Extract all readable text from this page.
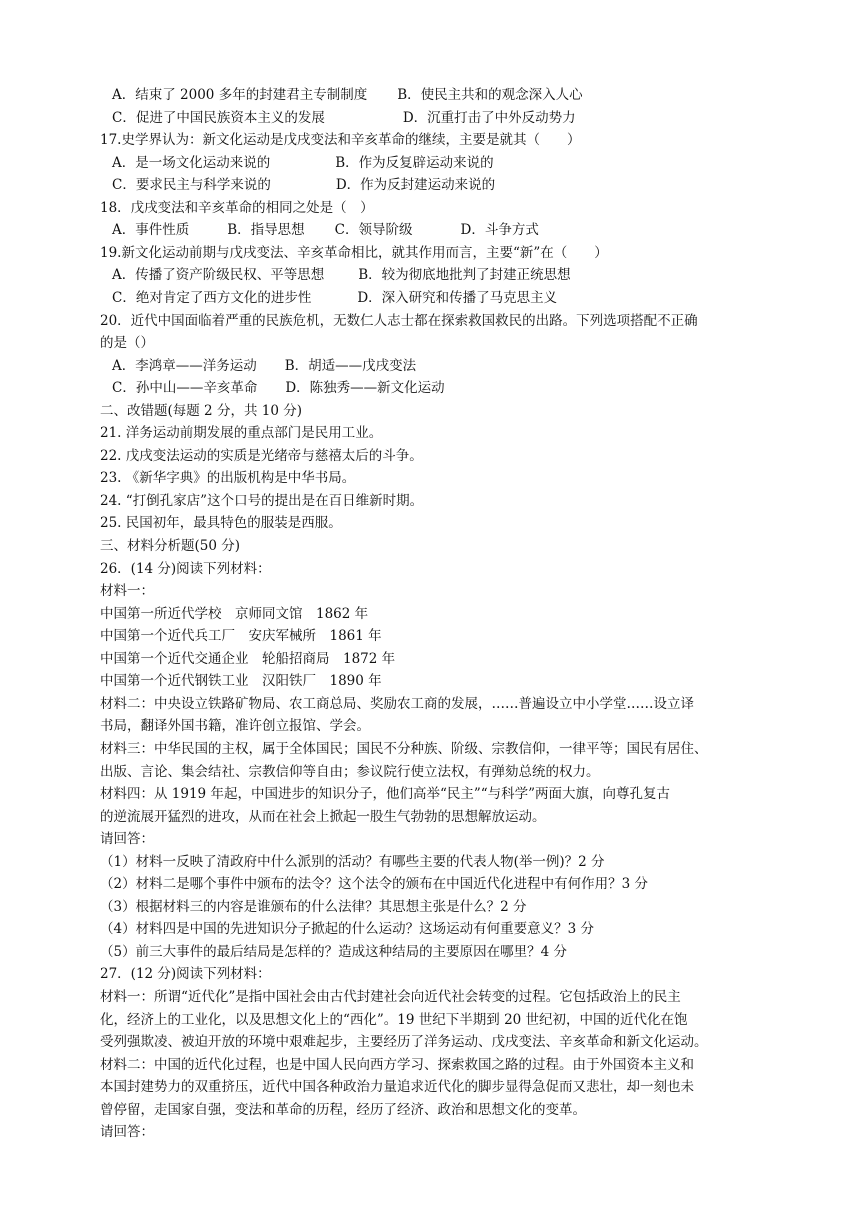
A．结束了 2000 多年的封建君主专制制度 B．使民主共和的观念深入人心
C．促进了中国民族资本主义的发展	D．沉重打击了中外反动势力
17.史学界认为：新文化运动是戊戌变法和辛亥革命的继续，主要是就其（　　）
A．是一场文化运动来说的	B．作为反复辟运动来说的
C．要求民主与科学来说的	D．作为反封建运动来说的
18．戊戌变法和辛亥革命的相同之处是（　）
A．事件性质	B．指导思想 C．领导阶级	D．斗争方式
19.新文化运动前期与戊戌变法、辛亥革命相比，就其作用而言，主要“新”在（　　）
A．传播了资产阶级民权、平等思想	B．较为彻底地批判了封建正统思想
C．绝对肯定了西方文化的进步性	D．深入研究和传播了马克思主义
20．近代中国面临着严重的民族危机，无数仁人志士都在探索救国救民的出路。下列选项搭配不正确
的是（）
A．李鸿章——洋务运动 B．胡适——戊戌变法
C．孙中山——辛亥革命 D．陈独秀——新文化运动
二、改错题(每题 2 分，共 10 分)
21. 洋务运动前期发展的重点部门是民用工业。
22. 戊戌变法运动的实质是光绪帝与慈禧太后的斗争。
23. 《新华字典》的出版机构是中华书局。
24. “打倒孔家店”这个口号的提出是在百日维新时期。
25. 民国初年，最具特色的服装是西服。
三、材料分析题(50 分)
26．(14 分)阅读下列材料：
材料一：
中国第一所近代学校　京师同文馆　1862 年
中国第一个近代兵工厂　安庆军械所　1861 年
中国第一个近代交通企业　轮船招商局　1872 年
中国第一个近代钢铁工业　汉阳铁厂　1890 年
材料二：中央设立铁路矿物局、农工商总局、奖励农工商的发展，……普遍设立中小学堂……设立译
书局，翻译外国书籍，准许创立报馆、学会。
材料三：中华民国的主权，属于全体国民；国民不分种族、阶级、宗教信仰，一律平等；国民有居住、
出版、言论、集会结社、宗教信仰等自由；参议院行使立法权，有弹劾总统的权力。
材料四：从 1919 年起，中国进步的知识分子，他们高举“民主”“与科学”两面大旗，向尊孔复古
的逆流展开猛烈的进攻，从而在社会上掀起一股生气勃勃的思想解放运动。
请回答：
（1）材料一反映了清政府中什么派别的活动？有哪些主要的代表人物(举一例)？2 分
（2）材料二是哪个事件中颁布的法令？这个法令的颁布在中国近代化进程中有何作用？3 分
（3）根据材料三的内容是谁颁布的什么法律？其思想主张是什么？2 分
（4）材料四是中国的先进知识分子掀起的什么运动？这场运动有何重要意义？3 分
（5）前三大事件的最后结局是怎样的？造成这种结局的主要原因在哪里？4 分
27．(12 分)阅读下列材料：
材料一：所谓“近代化”是指中国社会由古代封建社会向近代社会转变的过程。它包括政治上的民主
化，经济上的工业化，以及思想文化上的“西化”。19 世纪下半期到 20 世纪初，中国的近代化在饱
受列强欺凌、被迫开放的环境中艰难起步，主要经历了洋务运动、戊戌变法、辛亥革命和新文化运动。
材料二：中国的近代化过程，也是中国人民向西方学习、探索救国之路的过程。由于外国资本主义和
本国封建势力的双重挤压，近代中国各种政治力量追求近代化的脚步显得急促而又悲壮，却一刻也未
曾停留，走国家自强，变法和革命的历程，经历了经济、政治和思想文化的变革。
请回答：
